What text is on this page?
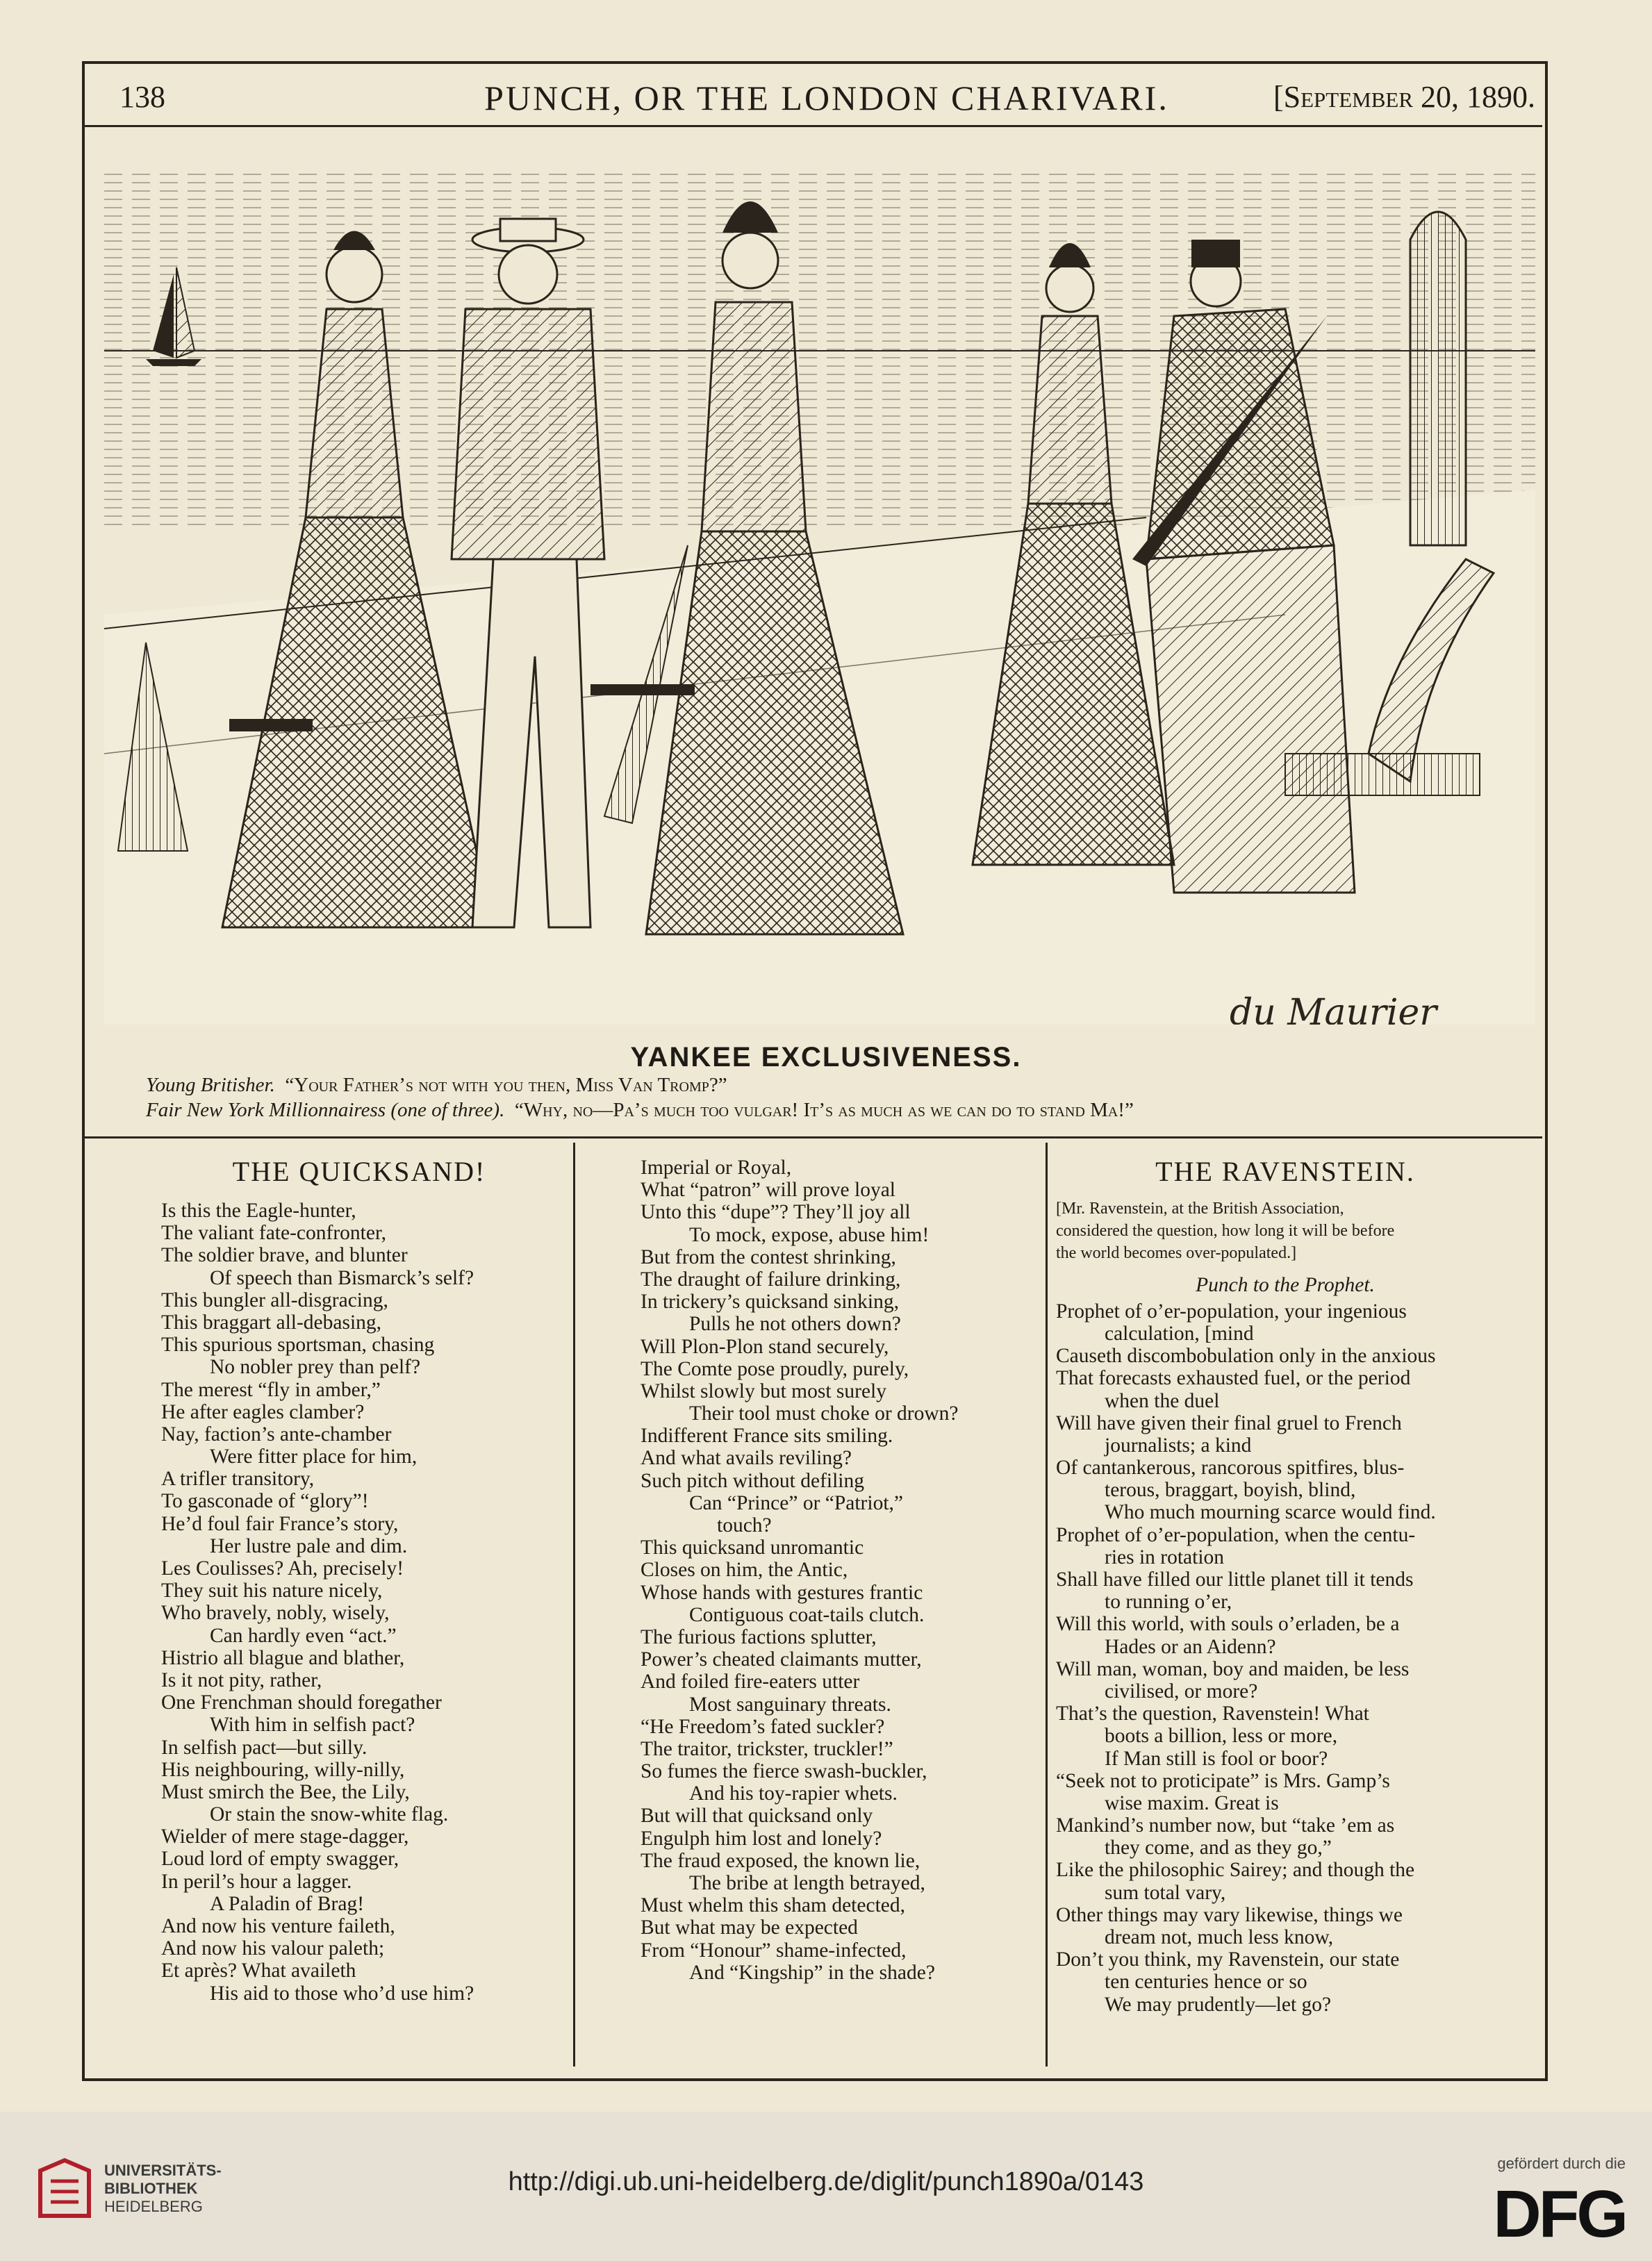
138	PUNCH, OR THE LONDON CHARIVARI.	[September 20, 1890.
du Maurier
YANKEE EXCLUSIVENESS.
Young Britisher. “Your Father’s not with you then, Miss Van Tromp?”
Fair New York Millionnairess (one of three). “Why, no—Pa’s much too vulgar! It’s as much as we can do to stand Ma!”
THE QUICKSAND!
Is this the Eagle-hunter,
The valiant fate-confronter,
The soldier brave, and blunter
Of speech than Bismarck’s self?
This bungler all-disgracing,
This braggart all-debasing,
This spurious sportsman, chasing
No nobler prey than pelf?
The merest “fly in amber,”
He after eagles clamber?
Nay, faction’s ante-chamber
Were fitter place for him,
A trifler transitory,
To gasconade of “glory”!
He’d foul fair France’s story,
Her lustre pale and dim.
Les Coulisses? Ah, precisely!
They suit his nature nicely,
Who bravely, nobly, wisely,
Can hardly even “act.”
Histrio all blague and blather,
Is it not pity, rather,
One Frenchman should foregather
With him in selfish pact?
In selfish pact—but silly.
His neighbouring, willy-nilly,
Must smirch the Bee, the Lily,
Or stain the snow-white flag.
Wielder of mere stage-dagger,
Loud lord of empty swagger,
In peril’s hour a lagger.
A Paladin of Brag!
And now his venture faileth,
And now his valour paleth;
Et après? What availeth
His aid to those who’d use him?
Imperial or Royal,
What “patron” will prove loyal
Unto this “dupe”? They’ll joy all
To mock, expose, abuse him!
But from the contest shrinking,
The draught of failure drinking,
In trickery’s quicksand sinking,
Pulls he not others down?
Will Plon-Plon stand securely,
The Comte pose proudly, purely,
Whilst slowly but most surely
Their tool must choke or drown?
Indifferent France sits smiling.
And what avails reviling?
Such pitch without defiling
Can “Prince” or “Patriot,”
touch?
This quicksand unromantic
Closes on him, the Antic,
Whose hands with gestures frantic
Contiguous coat-tails clutch.
The furious factions splutter,
Power’s cheated claimants mutter,
And foiled fire-eaters utter
Most sanguinary threats.
“He Freedom’s fated suckler?
The traitor, trickster, truckler!”
So fumes the fierce swash-buckler,
And his toy-rapier whets.
But will that quicksand only
Engulph him lost and lonely?
The fraud exposed, the known lie,
The bribe at length betrayed,
Must whelm this sham detected,
But what may be expected
From “Honour” shame-infected,
And “Kingship” in the shade?
THE RAVENSTEIN.
[Mr. Ravenstein, at the British Association,
considered the question, how long it will be before
the world becomes over-populated.]
Punch to the Prophet.
Prophet of o’er-population, your ingenious
calculation, [mind
Causeth discombobulation only in the anxious
That forecasts exhausted fuel, or the period
when the duel
Will have given their final gruel to French
journalists; a kind
Of cantankerous, rancorous spitfires, blus-
terous, braggart, boyish, blind,
Who much mourning scarce would find.
Prophet of o’er-population, when the centu-
ries in rotation
Shall have filled our little planet till it tends
to running o’er,
Will this world, with souls o’erladen, be a
Hades or an Aidenn?
Will man, woman, boy and maiden, be less
civilised, or more?
That’s the question, Ravenstein! What
boots a billion, less or more,
If Man still is fool or boor?
“Seek not to proticipate” is Mrs. Gamp’s
wise maxim. Great is
Mankind’s number now, but “take ’em as
they come, and as they go,”
Like the philosophic Sairey; and though the
sum total vary,
Other things may vary likewise, things we
dream not, much less know,
Don’t you think, my Ravenstein, our state
ten centuries hence or so
We may prudently—let go?
UNIVERSITÄTS-
BIBLIOTHEK
HEIDELBERG
http://digi.ub.uni-heidelberg.de/diglit/punch1890a/0143
gefördert durch die
DFG
